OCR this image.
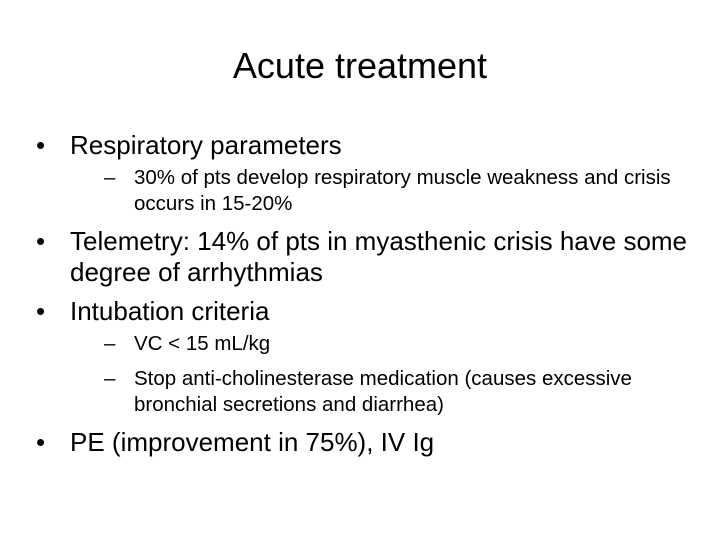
Acute treatment
• Respiratory parameters
– 30% of pts develop respiratory muscle weakness and crisis occurs in 15-20%
• Telemetry: 14% of pts in myasthenic crisis have some degree of arrhythmias
• Intubation criteria
– VC < 15 mL/kg
– Stop anti-cholinesterase medication (causes excessive bronchial secretions and diarrhea)
• PE (improvement in 75%), IV Ig
